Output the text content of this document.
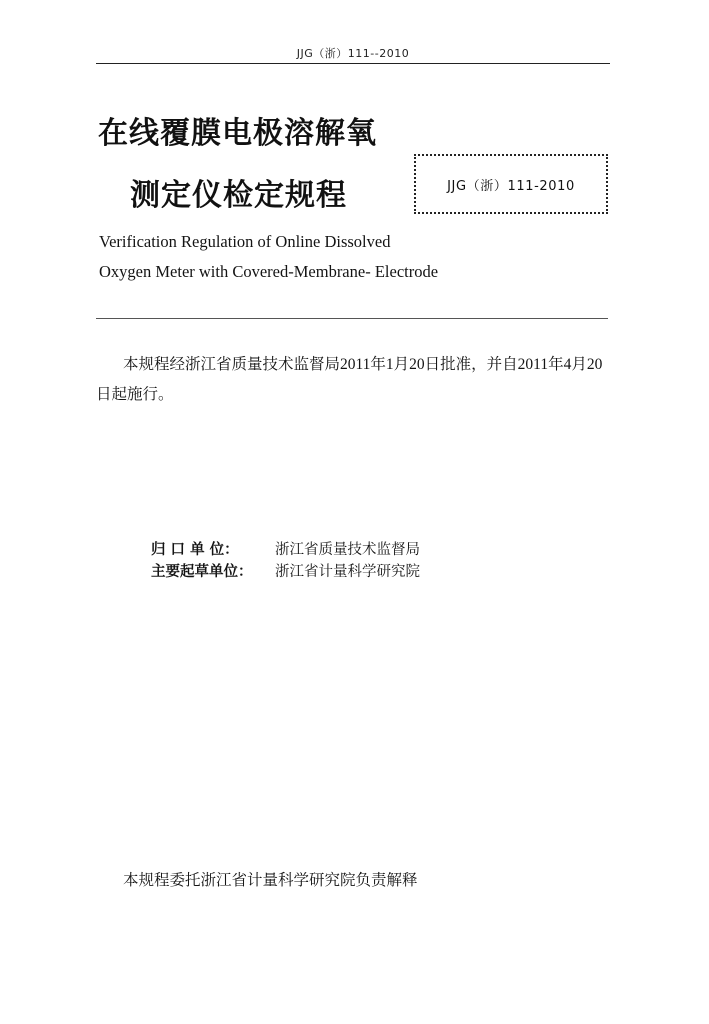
JJG（浙）111--2010
在线覆膜电极溶解氧
测定仪检定规程	JJG（浙）111-2010
Verification Regulation of Online Dissolved
Oxygen Meter with Covered-Membrane- Electrode
本规程经浙江省质量技术监督局2011年1月20日批准，并自2011年4月20日起施行。
归 口 单 位：	浙江省质量技术监督局
主要起草单位：	浙江省计量科学研究院
本规程委托浙江省计量科学研究院负责解释
